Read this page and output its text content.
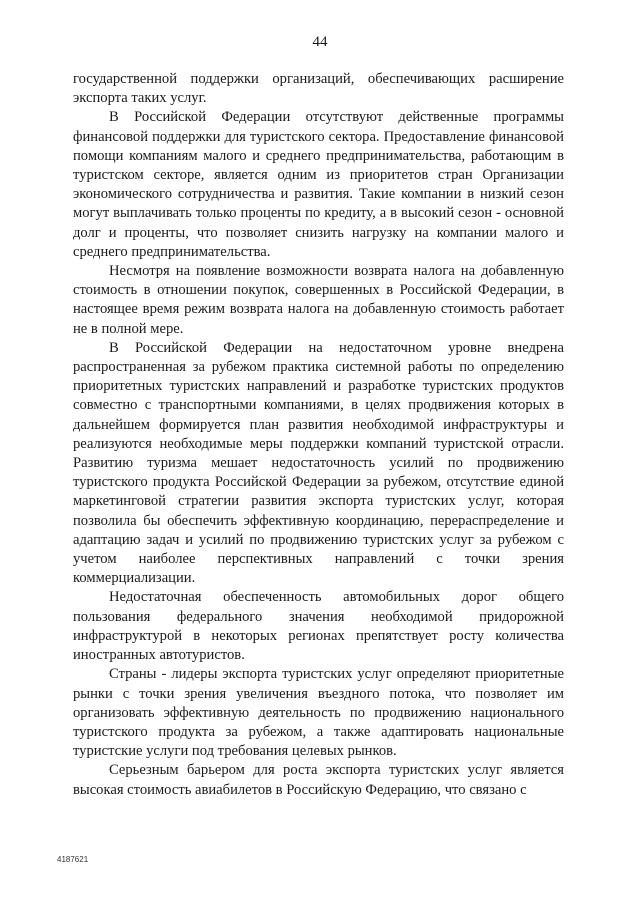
44

государственной поддержки организаций, обеспечивающих расширение экспорта таких услуг.

В Российской Федерации отсутствуют действенные программы финансовой поддержки для туристского сектора. Предоставление финансовой помощи компаниям малого и среднего предпринимательства, работающим в туристском секторе, является одним из приоритетов стран Организации экономического сотрудничества и развития. Такие компании в низкий сезон могут выплачивать только проценты по кредиту, а в высокий сезон - основной долг и проценты, что позволяет снизить нагрузку на компании малого и среднего предпринимательства.

Несмотря на появление возможности возврата налога на добавленную стоимость в отношении покупок, совершенных в Российской Федерации, в настоящее время режим возврата налога на добавленную стоимость работает не в полной мере.

В Российской Федерации на недостаточном уровне внедрена распространенная за рубежом практика системной работы по определению приоритетных туристских направлений и разработке туристских продуктов совместно с транспортными компаниями, в целях продвижения которых в дальнейшем формируется план развития необходимой инфраструктуры и реализуются необходимые меры поддержки компаний туристской отрасли. Развитию туризма мешает недостаточность усилий по продвижению туристского продукта Российской Федерации за рубежом, отсутствие единой маркетинговой стратегии развития экспорта туристских услуг, которая позволила бы обеспечить эффективную координацию, перераспределение и адаптацию задач и усилий по продвижению туристских услуг за рубежом с учетом наиболее перспективных направлений с точки зрения коммерциализации.

Недостаточная обеспеченность автомобильных дорог общего пользования федерального значения необходимой придорожной инфраструктурой в некоторых регионах препятствует росту количества иностранных автотуристов.

Страны - лидеры экспорта туристских услуг определяют приоритетные рынки с точки зрения увеличения въездного потока, что позволяет им организовать эффективную деятельность по продвижению национального туристского продукта за рубежом, а также адаптировать национальные туристские услуги под требования целевых рынков.

Серьезным барьером для роста экспорта туристских услуг является высокая стоимость авиабилетов в Российскую Федерацию, что связано с

4187621
